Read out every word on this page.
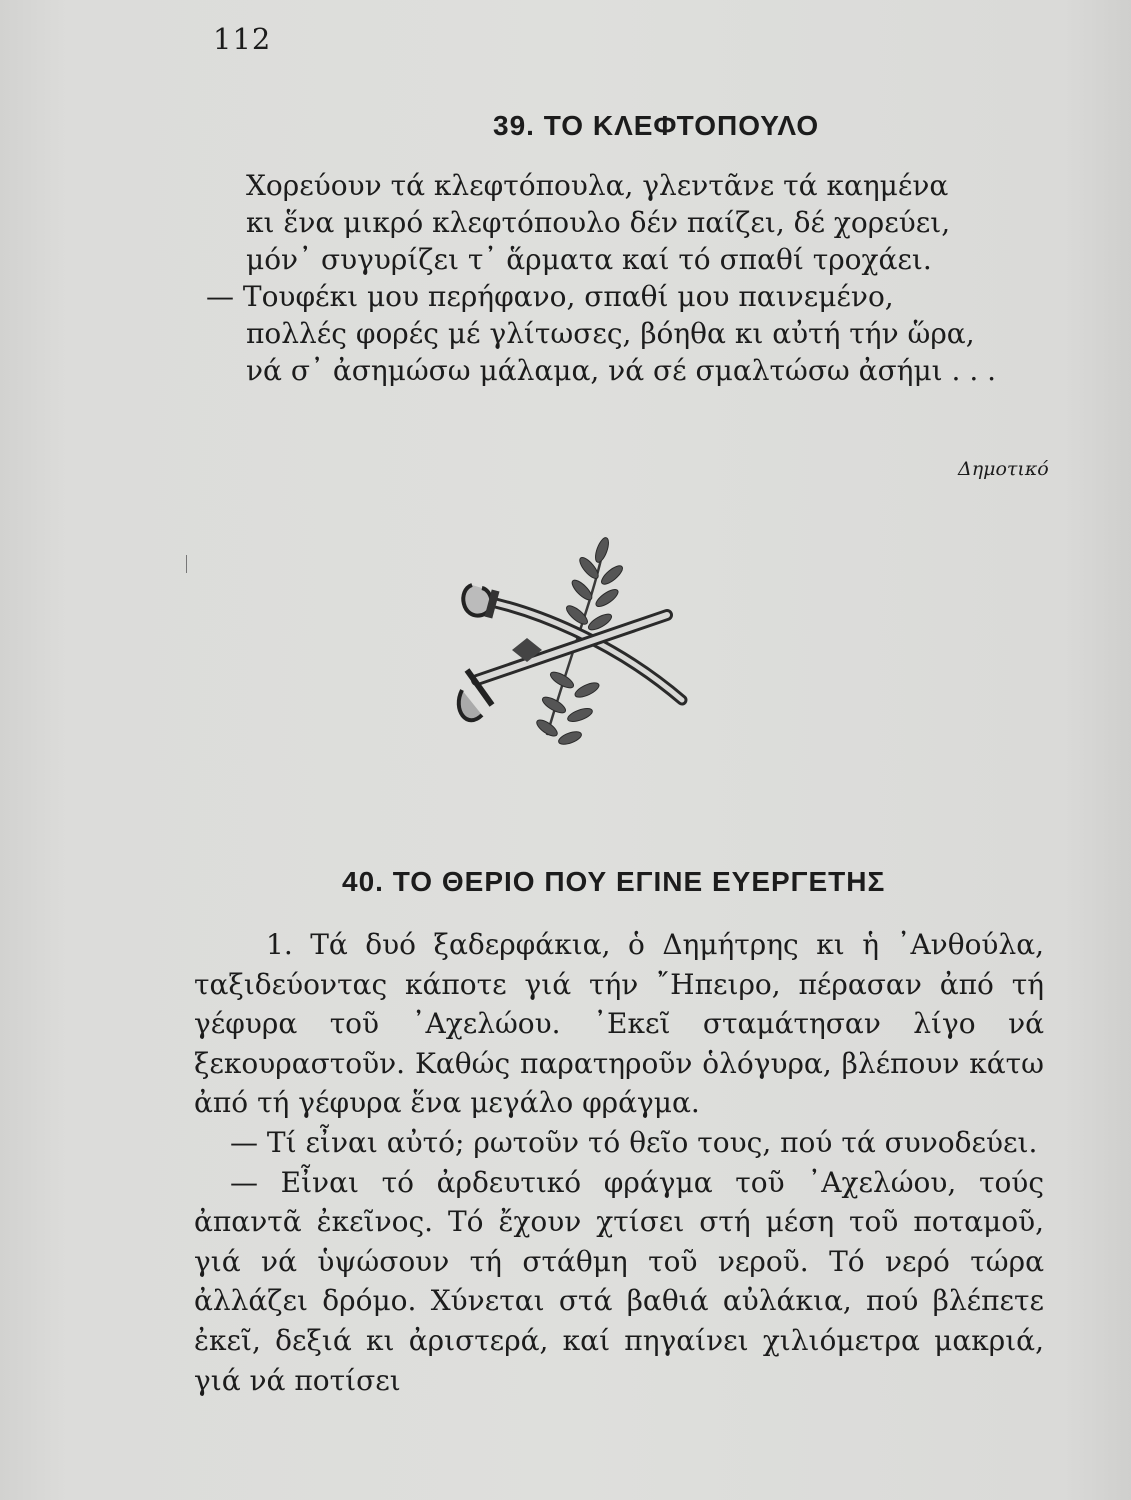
112
39. ΤΟ ΚΛΕΦΤΟΠΟΥΛΟ
Χορεύουν τά κλεφτόπουλα, γλεντᾶνε τά καημένα
κι ἕνα μικρό κλεφτόπουλο δέν παίζει, δέ χορεύει,
μόν᾿ συγυρίζει τ᾿ ἅρματα καί τό σπαθί τροχάει.
— Τουφέκι μου περήφανο, σπαθί μου παινεμένο,
πολλές φορές μέ γλίτωσες, βόηθα κι αὐτή τήν ὥρα,
νά σ᾿ ἀσημώσω μάλαμα, νά σέ σμαλτώσω ἀσήμι . . .
Δημοτικό
40. ΤΟ ΘΕΡΙΟ ΠΟΥ ΕΓΙΝΕ ΕΥΕΡΓΕΤΗΣ

1. Τά δυό ξαδερφάκια, ὁ Δημήτρης κι ἡ ᾿Ανθούλα, ταξιδεύοντας κάποτε γιά τήν ῎Ηπειρο, πέρασαν ἀπό τή γέφυρα τοῦ ᾿Αχελώου. ᾿Εκεῖ σταμάτησαν λίγο νά ξεκουραστοῦν. Καθώς παρατηροῦν ὁλόγυρα, βλέπουν κάτω ἀπό τή γέφυρα ἕνα μεγάλο φράγμα.

— Τί εἶναι αὐτό; ρωτοῦν τό θεῖο τους, πού τά συνοδεύει.

— Εἶναι τό ἀρδευτικό φράγμα τοῦ ᾿Αχελώου, τούς ἀπαντᾶ ἐκεῖνος. Τό ἔχουν χτίσει στή μέση τοῦ ποταμοῦ, γιά νά ὑψώσουν τή στάθμη τοῦ νεροῦ. Τό νερό τώρα ἀλλάζει δρόμο. Χύνεται στά βαθιά αὐλάκια, πού βλέπετε ἐκεῖ, δεξιά κι ἀριστερά, καί πηγαίνει χιλιόμετρα μακριά, γιά νά ποτίσει
